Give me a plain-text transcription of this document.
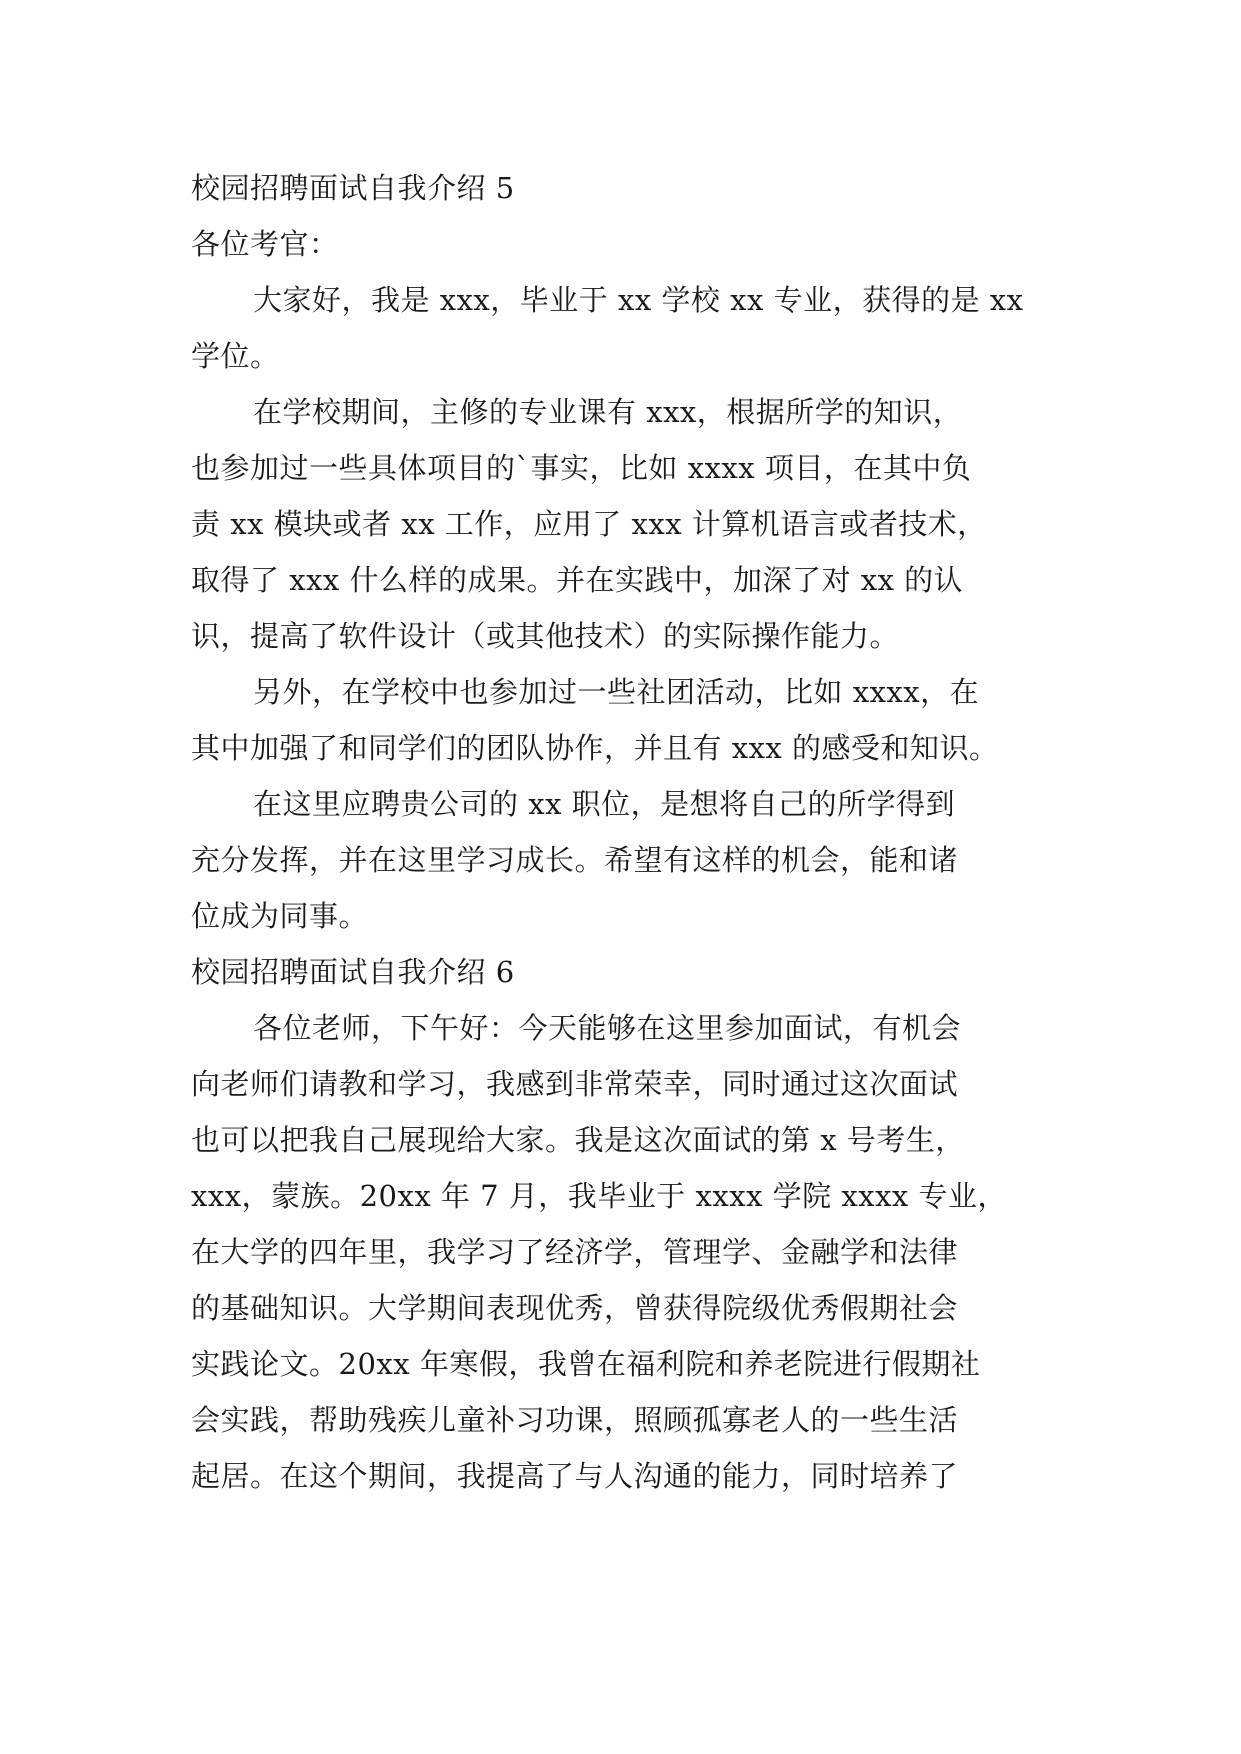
校园招聘面试自我介绍 5
各位考官：
大家好，我是 xxx，毕业于 xx 学校 xx 专业，获得的是 xx
学位。
在学校期间，主修的专业课有 xxx，根据所学的知识，
也参加过一些具体项目的`事实，比如 xxxx 项目，在其中负
责 xx 模块或者 xx 工作，应用了 xxx 计算机语言或者技术，
取得了 xxx 什么样的成果。并在实践中，加深了对 xx 的认
识，提高了软件设计（或其他技术）的实际操作能力。
另外，在学校中也参加过一些社团活动，比如 xxxx，在
其中加强了和同学们的团队协作，并且有 xxx 的感受和知识。
在这里应聘贵公司的 xx 职位，是想将自己的所学得到
充分发挥，并在这里学习成长。希望有这样的机会，能和诸
位成为同事。
校园招聘面试自我介绍 6
各位老师，下午好：今天能够在这里参加面试，有机会
向老师们请教和学习，我感到非常荣幸，同时通过这次面试
也可以把我自己展现给大家。我是这次面试的第 x 号考生，
xxx，蒙族。20xx 年 7 月，我毕业于 xxxx 学院 xxxx 专业，
在大学的四年里，我学习了经济学，管理学、金融学和法律
的基础知识。大学期间表现优秀，曾获得院级优秀假期社会
实践论文。20xx 年寒假，我曾在福利院和养老院进行假期社
会实践，帮助残疾儿童补习功课，照顾孤寡老人的一些生活
起居。在这个期间，我提高了与人沟通的能力，同时培养了
